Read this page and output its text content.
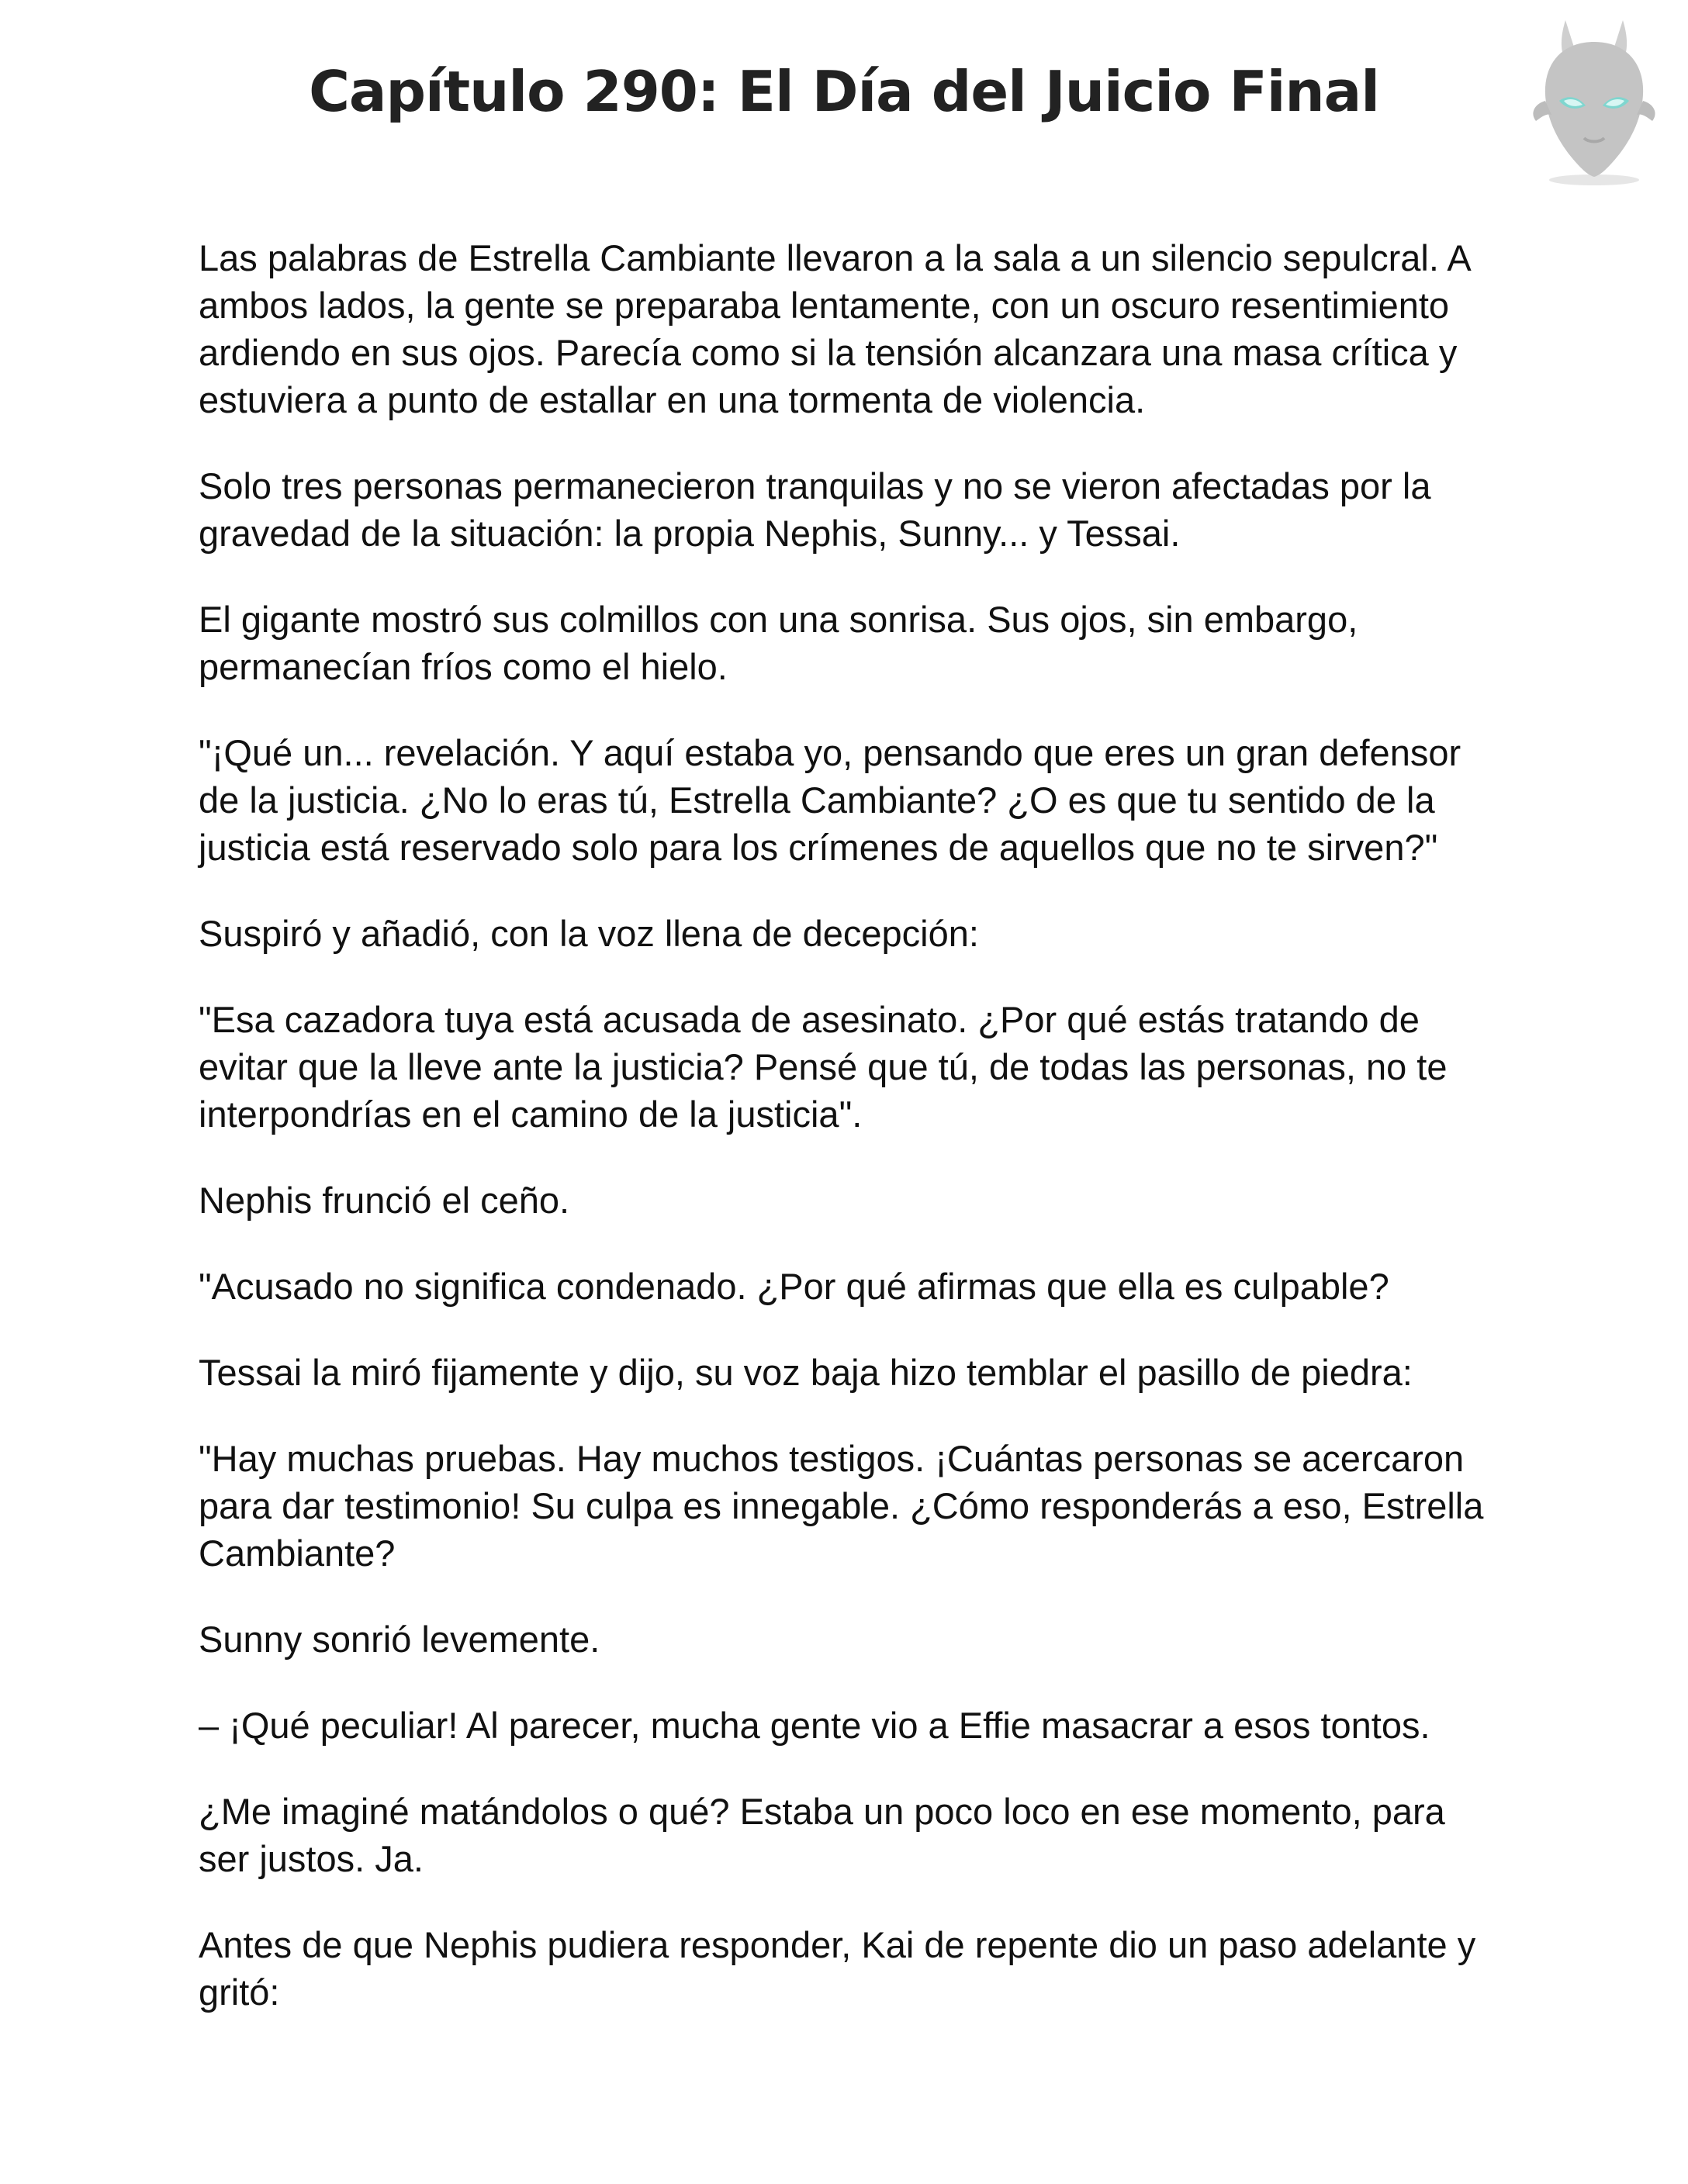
Capítulo 290: El Día del Juicio Final

Las palabras de Estrella Cambiante llevaron a la sala a un silencio sepulcral. A ambos lados, la gente se preparaba lentamente, con un oscuro resentimiento ardiendo en sus ojos. Parecía como si la tensión alcanzara una masa crítica y estuviera a punto de estallar en una tormenta de violencia.

Solo tres personas permanecieron tranquilas y no se vieron afectadas por la gravedad de la situación: la propia Nephis, Sunny... y Tessai.

El gigante mostró sus colmillos con una sonrisa. Sus ojos, sin embargo, permanecían fríos como el hielo.

"¡Qué un... revelación. Y aquí estaba yo, pensando que eres un gran defensor de la justicia. ¿No lo eras tú, Estrella Cambiante? ¿O es que tu sentido de la justicia está reservado solo para los crímenes de aquellos que no te sirven?"

Suspiró y añadió, con la voz llena de decepción:

"Esa cazadora tuya está acusada de asesinato. ¿Por qué estás tratando de evitar que la lleve ante la justicia? Pensé que tú, de todas las personas, no te interpondrías en el camino de la justicia".

Nephis frunció el ceño.

"Acusado no significa condenado. ¿Por qué afirmas que ella es culpable?

Tessai la miró fijamente y dijo, su voz baja hizo temblar el pasillo de piedra:

"Hay muchas pruebas. Hay muchos testigos. ¡Cuántas personas se acercaron para dar testimonio! Su culpa es innegable. ¿Cómo responderás a eso, Estrella Cambiante?

Sunny sonrió levemente.

– ¡Qué peculiar! Al parecer, mucha gente vio a Effie masacrar a esos tontos.

¿Me imaginé matándolos o qué? Estaba un poco loco en ese momento, para ser justos. Ja.

Antes de que Nephis pudiera responder, Kai de repente dio un paso adelante y gritó:
